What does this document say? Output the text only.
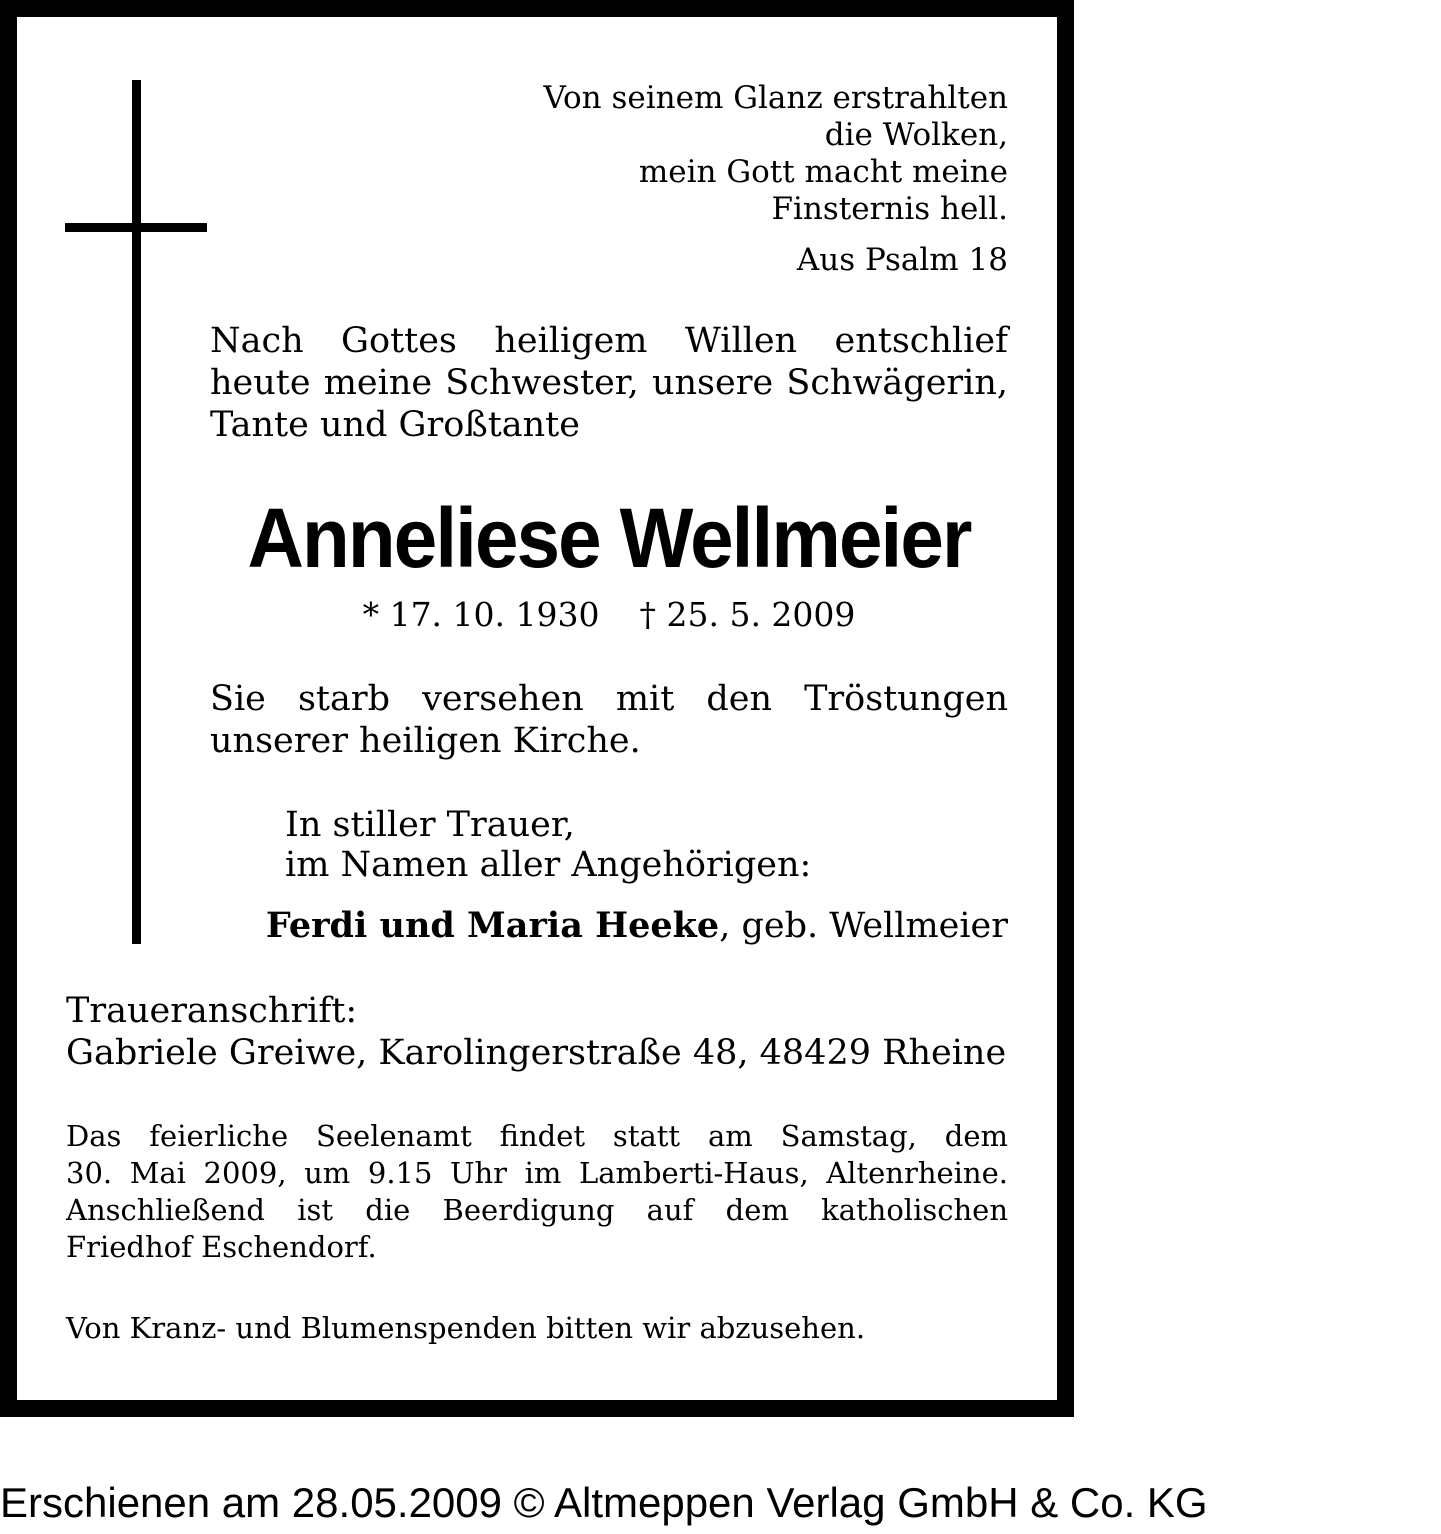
Von seinem Glanz erstrahlten
die Wolken,
mein Gott macht meine
Finsternis hell.
Aus Psalm 18
Nach Gottes heiligem Willen entschlief
heute meine Schwester, unsere Schwägerin,
Tante und Großtante
Anneliese Wellmeier
* 17. 10. 1930 † 25. 5. 2009
Sie starb versehen mit den Tröstungen
unserer heiligen Kirche.
In stiller Trauer,
im Namen aller Angehörigen:
Ferdi und Maria Heeke, geb. Wellmeier
Traueranschrift:
Gabriele Greiwe, Karolingerstraße 48, 48429 Rheine
Das feierliche Seelenamt findet statt am Samstag, dem
30. Mai 2009, um 9.15 Uhr im Lamberti-Haus, Altenrheine.
Anschließend ist die Beerdigung auf dem katholischen
Friedhof Eschendorf.
Von Kranz- und Blumenspenden bitten wir abzusehen.
Erschienen am 28.05.2009 © Altmeppen Verlag GmbH & Co. KG
